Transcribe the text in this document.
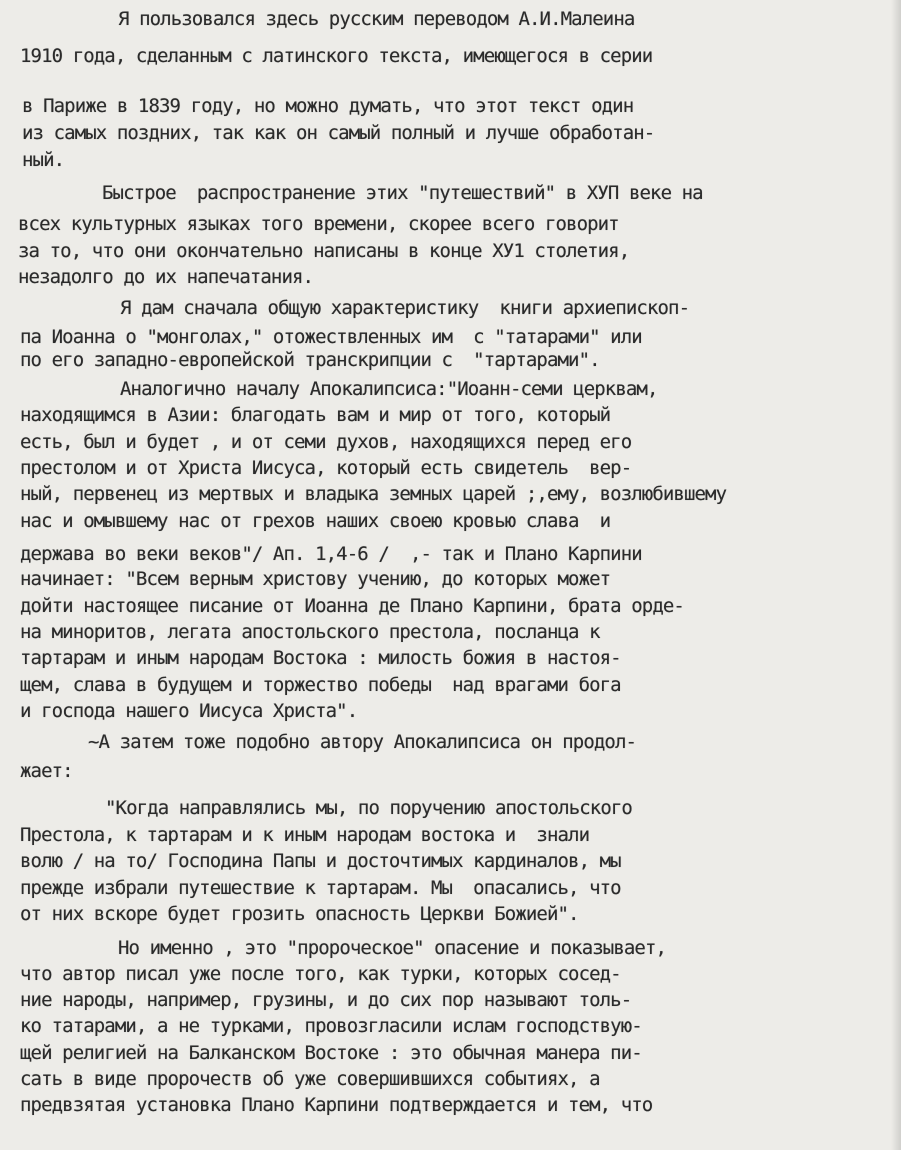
Я пользовался здесь русским переводом А.И.Малеина
1910 года, сделанным с латинского текста, имеющегося в серии
в Париже в 1839 году, но можно думать, что этот текст один
из самых поздних, так как он самый полный и лучше обработан-
ный.
Быстрое  распространение этих "путешествий" в ХУП веке на
всех культурных языках того времени, скорее всего говорит
за то, что они окончательно написаны в конце ХУ1 столетия,
незадолго до их напечатания.
Я дам сначала общую характеристику  книги архиепископ-
па Иоанна о "монголах," отожествленных им  с "татарами" или
по его западно-европейской транскрипции с  "тартарами".
Аналогично началу Апокалипсиса:"Иоанн-семи церквам,
находящимся в Азии: благодать вам и мир от того, который
есть, был и будет , и от семи духов, находящихся перед его
престолом и от Христа Иисуса, который есть свидетель  вер-
ный, первенец из мертвых и владыка земных царей ;,ему, возлюбившему
нас и омывшему нас от грехов наших своею кровью слава  и
держава во веки веков"/ Ап. 1,4-6 /  ,- так и Плано Карпини
начинает: "Всем верным христову учению, до которых может
дойти настоящее писание от Иоанна де Плано Карпини, брата орде-
на миноритов, легата апостольского престола, посланца к
тартарам и иным народам Востока : милость божия в настоя-
щем, слава в будущем и торжество победы  над врагами бога
и господа нашего Иисуса Христа".
~А затем тоже подобно автору Апокалипсиса он продол-
жает:
"Когда направлялись мы, по поручению апостольского
Престола, к тартарам и к иным народам востока и  знали
волю / на то/ Господина Папы и досточтимых кардиналов, мы
прежде избрали путешествие к тартарам. Мы  опасались, что
от них вскоре будет грозить опасность Церкви Божией".
Но именно , это "пророческое" опасение и показывает,
что автор писал уже после того, как турки, которых сосед-
ние народы, например, грузины, и до сих пор называют толь-
ко татарами, а не турками, провозгласили ислам господствую-
щей религией на Балканском Востоке : это обычная манера пи-
сать в виде пророчеств об уже совершившихся событиях, а
предвзятая установка Плано Карпини подтверждается и тем, что
